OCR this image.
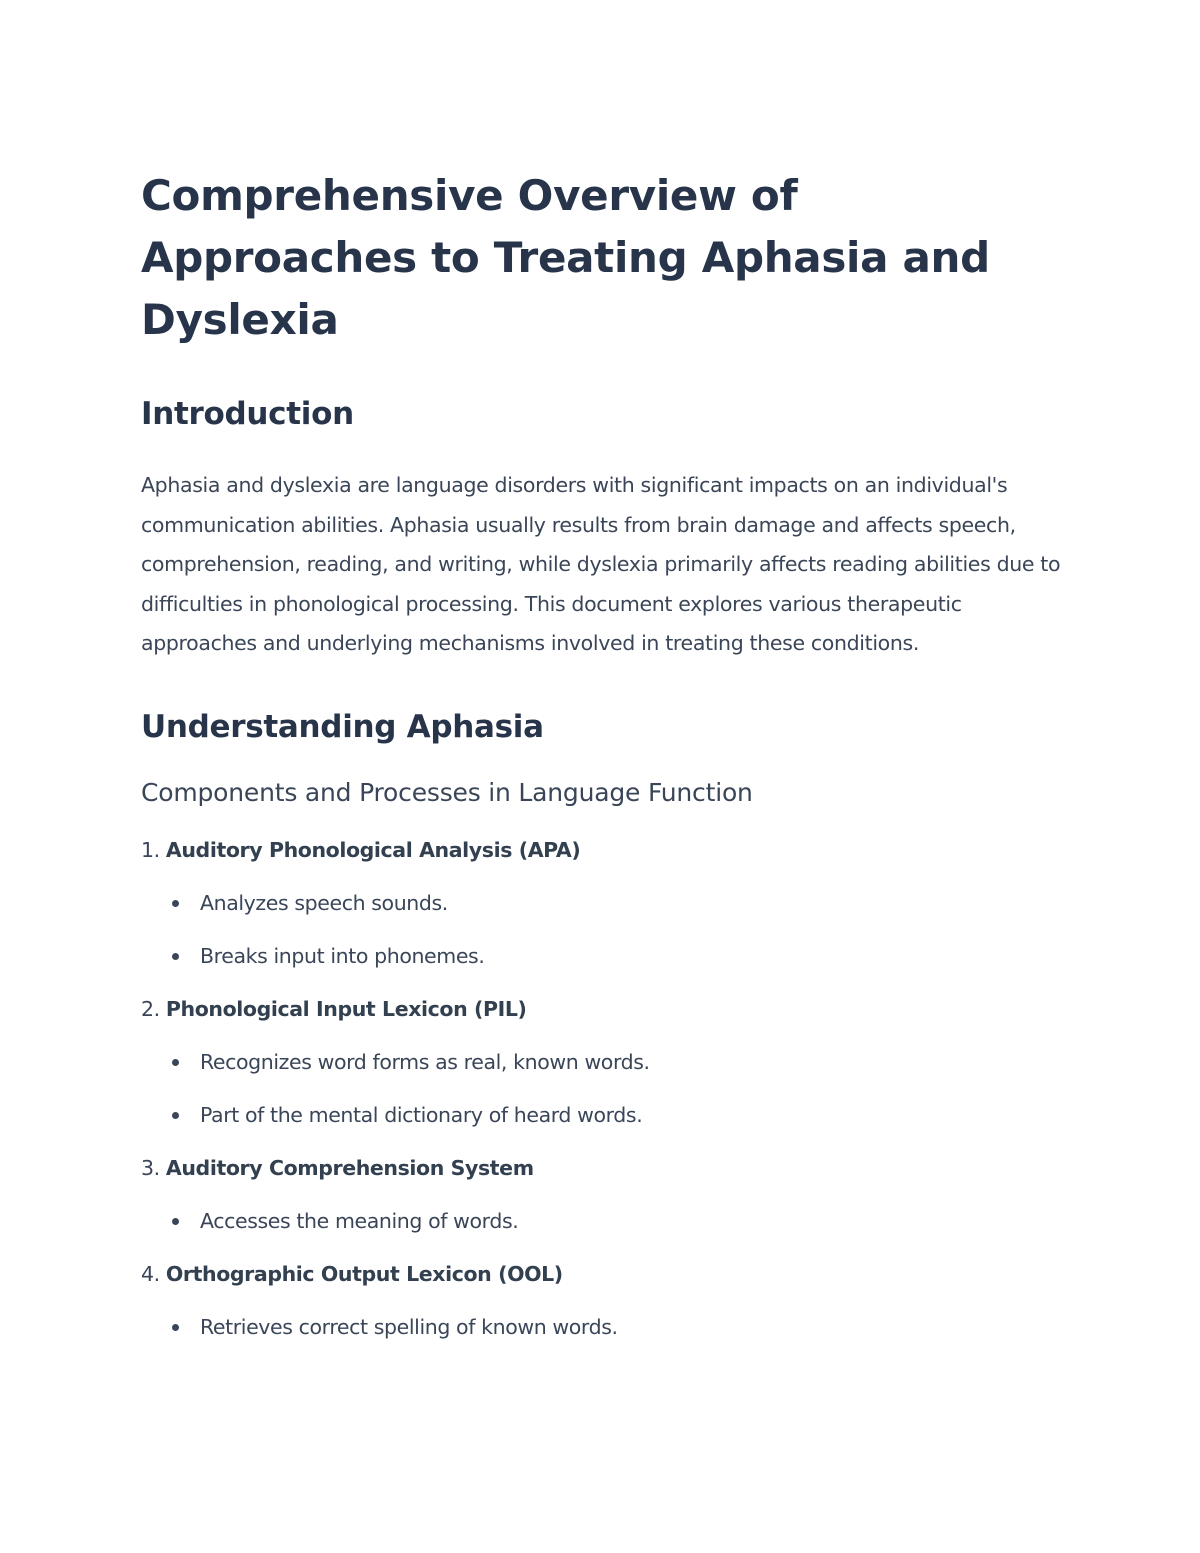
Comprehensive Overview of
Approaches to Treating Aphasia and
Dyslexia
Introduction

Aphasia and dyslexia are language disorders with significant impacts on an individual's communication abilities. Aphasia usually results from brain damage and affects speech, comprehension, reading, and writing, while dyslexia primarily affects reading abilities due to difficulties in phonological processing. This document explores various therapeutic approaches and underlying mechanisms involved in treating these conditions.

Understanding Aphasia
Components and Processes in Language Function
1. Auditory Phonological Analysis (APA)
Analyzes speech sounds.
Breaks input into phonemes.
2. Phonological Input Lexicon (PIL)
Recognizes word forms as real, known words.
Part of the mental dictionary of heard words.
3. Auditory Comprehension System
Accesses the meaning of words.
4. Orthographic Output Lexicon (OOL)
Retrieves correct spelling of known words.
